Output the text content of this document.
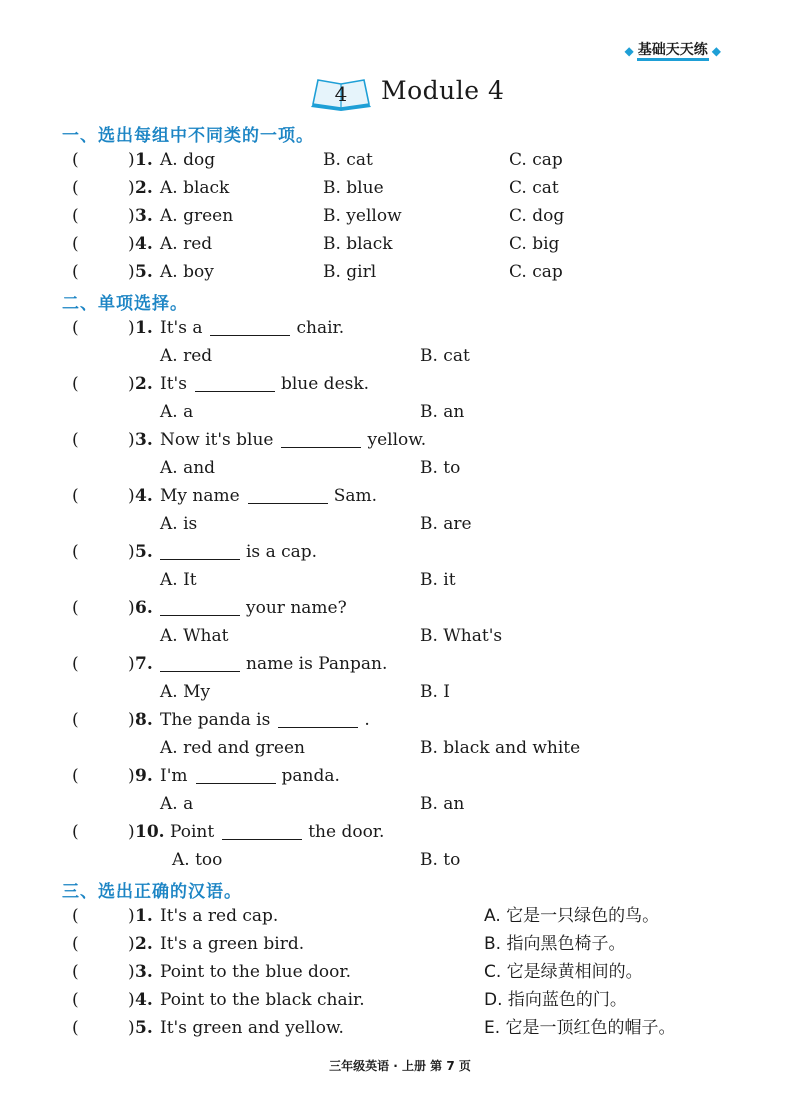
◆ 基础天天练 ◆
4 Module 4
一、选出每组中不同类的一项。
(	) 1. A. dog	B. cat	C. cap
(	) 2. A. black	B. blue	C. cat
(	) 3. A. green	B. yellow	C. dog
(	) 4. A. red	B. black	C. big
(	) 5. A. boy	B. girl	C. cap
二、单项选择。
(	) 1. It's a	chair.
A. red	B. cat
(	) 2. It's	blue desk.
A. a	B. an
(	) 3. Now it's blue	yellow.
A. and	B. to
(	) 4. My name	Sam.
A. is	B. are
(	) 5.	is a cap.
A. It	B. it
(	) 6.	your name?
A. What	B. What's
(	) 7.	name is Panpan.
A. My	B. I
(	) 8. The panda is	.
A. red and green	B. black and white
(	) 9. I'm	panda.
A. a	B. an
(	) 10. Point	the door.
A. too	B. to
三、选出正确的汉语。
(	) 1. It's a red cap.	A. 它是一只绿色的鸟。
(	) 2. It's a green bird.	B. 指向黑色椅子。
(	) 3. Point to the blue door.	C. 它是绿黄相间的。
(	) 4. Point to the black chair.	D. 指向蓝色的门。
(	) 5. It's green and yellow.	E. 它是一顶红色的帽子。
三年级英语 · 上册 第 7 页
